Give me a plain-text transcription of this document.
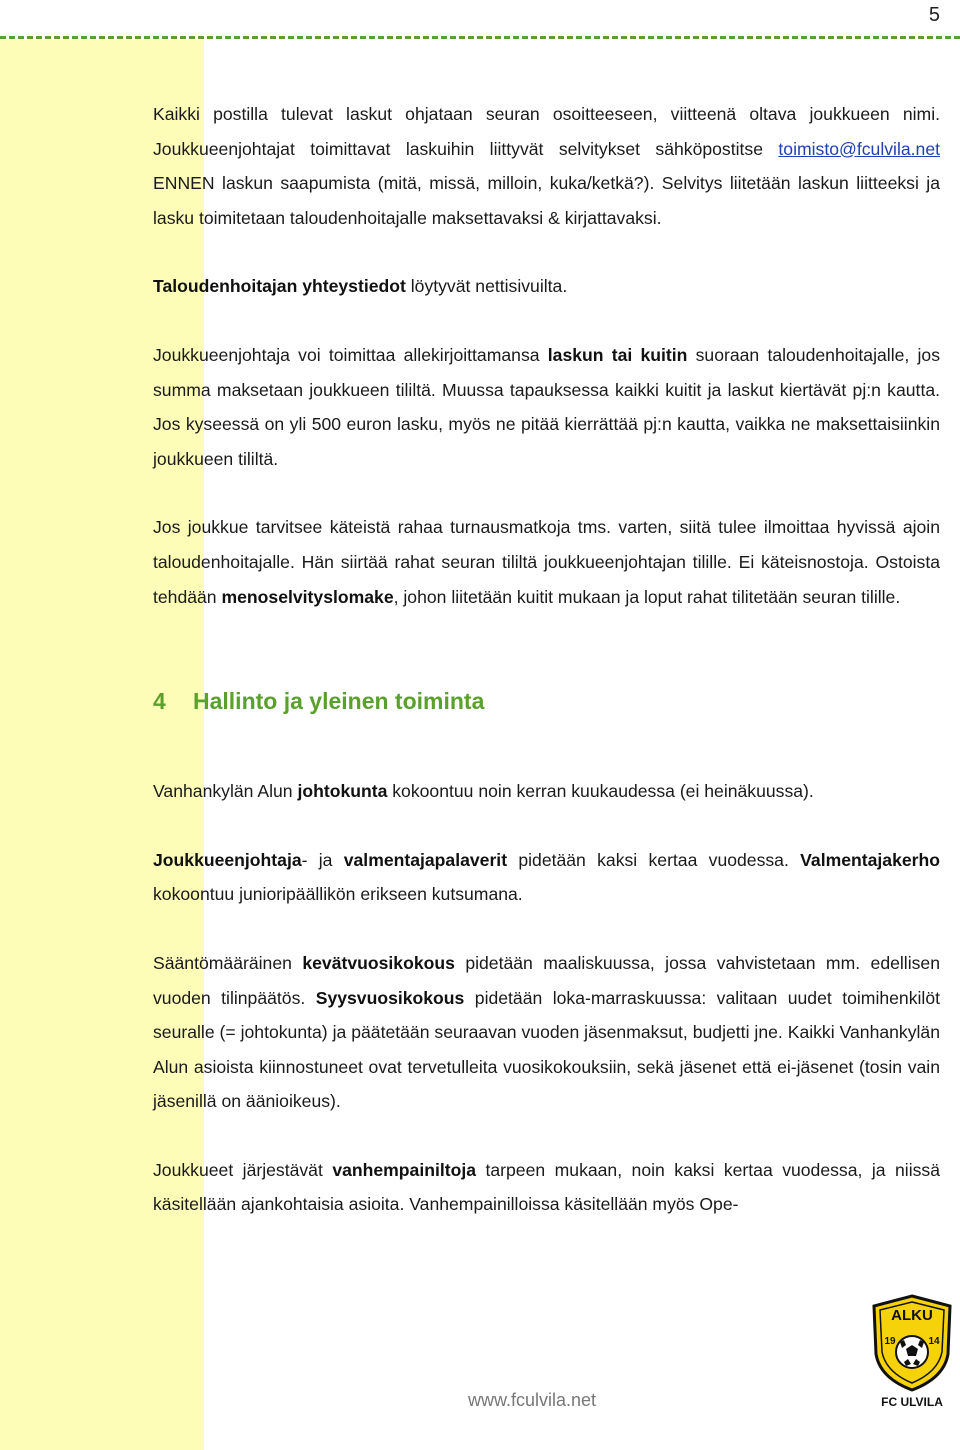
5

Kaikki postilla tulevat laskut ohjataan seuran osoitteeseen, viitteenä oltava joukkueen nimi. Joukkueenjohtajat toimittavat laskuihin liittyvät selvitykset sähköpostitse toimisto@fculvila.net ENNEN laskun saapumista (mitä, missä, milloin, kuka/ketkä?). Selvitys liitetään laskun liitteeksi ja lasku toimitetaan taloudenhoitajalle maksettavaksi & kirjattavaksi.

Taloudenhoitajan yhteystiedot löytyvät nettisivuilta.

Joukkueenjohtaja voi toimittaa allekirjoittamansa laskun tai kuitin suoraan taloudenhoitajalle, jos summa maksetaan joukkueen tililtä. Muussa tapauksessa kaikki kuitit ja laskut kiertävät pj:n kautta. Jos kyseessä on yli 500 euron lasku, myös ne pitää kierrättää pj:n kautta, vaikka ne maksettaisiinkin joukkueen tililtä.

Jos joukkue tarvitsee käteistä rahaa turnausmatkoja tms. varten, siitä tulee ilmoittaa hyvissä ajoin taloudenhoitajalle. Hän siirtää rahat seuran tililtä joukkueenjohtajan tilille. Ei käteisnostoja. Ostoista tehdään menoselvityslomake, johon liitetään kuitit mukaan ja loput rahat tilitetään seuran tilille.

4 Hallinto ja yleinen toiminta

Vanhankylän Alun johtokunta kokoontuu noin kerran kuukaudessa (ei heinäkuussa).

Joukkueenjohtaja- ja valmentajapalaverit pidetään kaksi kertaa vuodessa. Valmentajakerho kokoontuu junioripäällikön erikseen kutsumana.

Sääntömääräinen kevätvuosikokous pidetään maaliskuussa, jossa vahvistetaan mm. edellisen vuoden tilinpäätös. Syysvuosikokous pidetään loka-marraskuussa: valitaan uudet toimihenkilöt seuralle (= johtokunta) ja päätetään seuraavan vuoden jäsenmaksut, budjetti jne. Kaikki Vanhankylän Alun asioista kiinnostuneet ovat tervetulleita vuosikokouksiin, sekä jäsenet että ei-jäsenet (tosin vain jäsenillä on äänioikeus).

Joukkueet järjestävät vanhempainiltoja tarpeen mukaan, noin kaksi kertaa vuodessa, ja niissä käsitellään ajankohtaisia asioita. Vanhempainilloissa käsitellään myös Ope-

www.fculvila.net
ALKU
19	14
FC ULVILA
